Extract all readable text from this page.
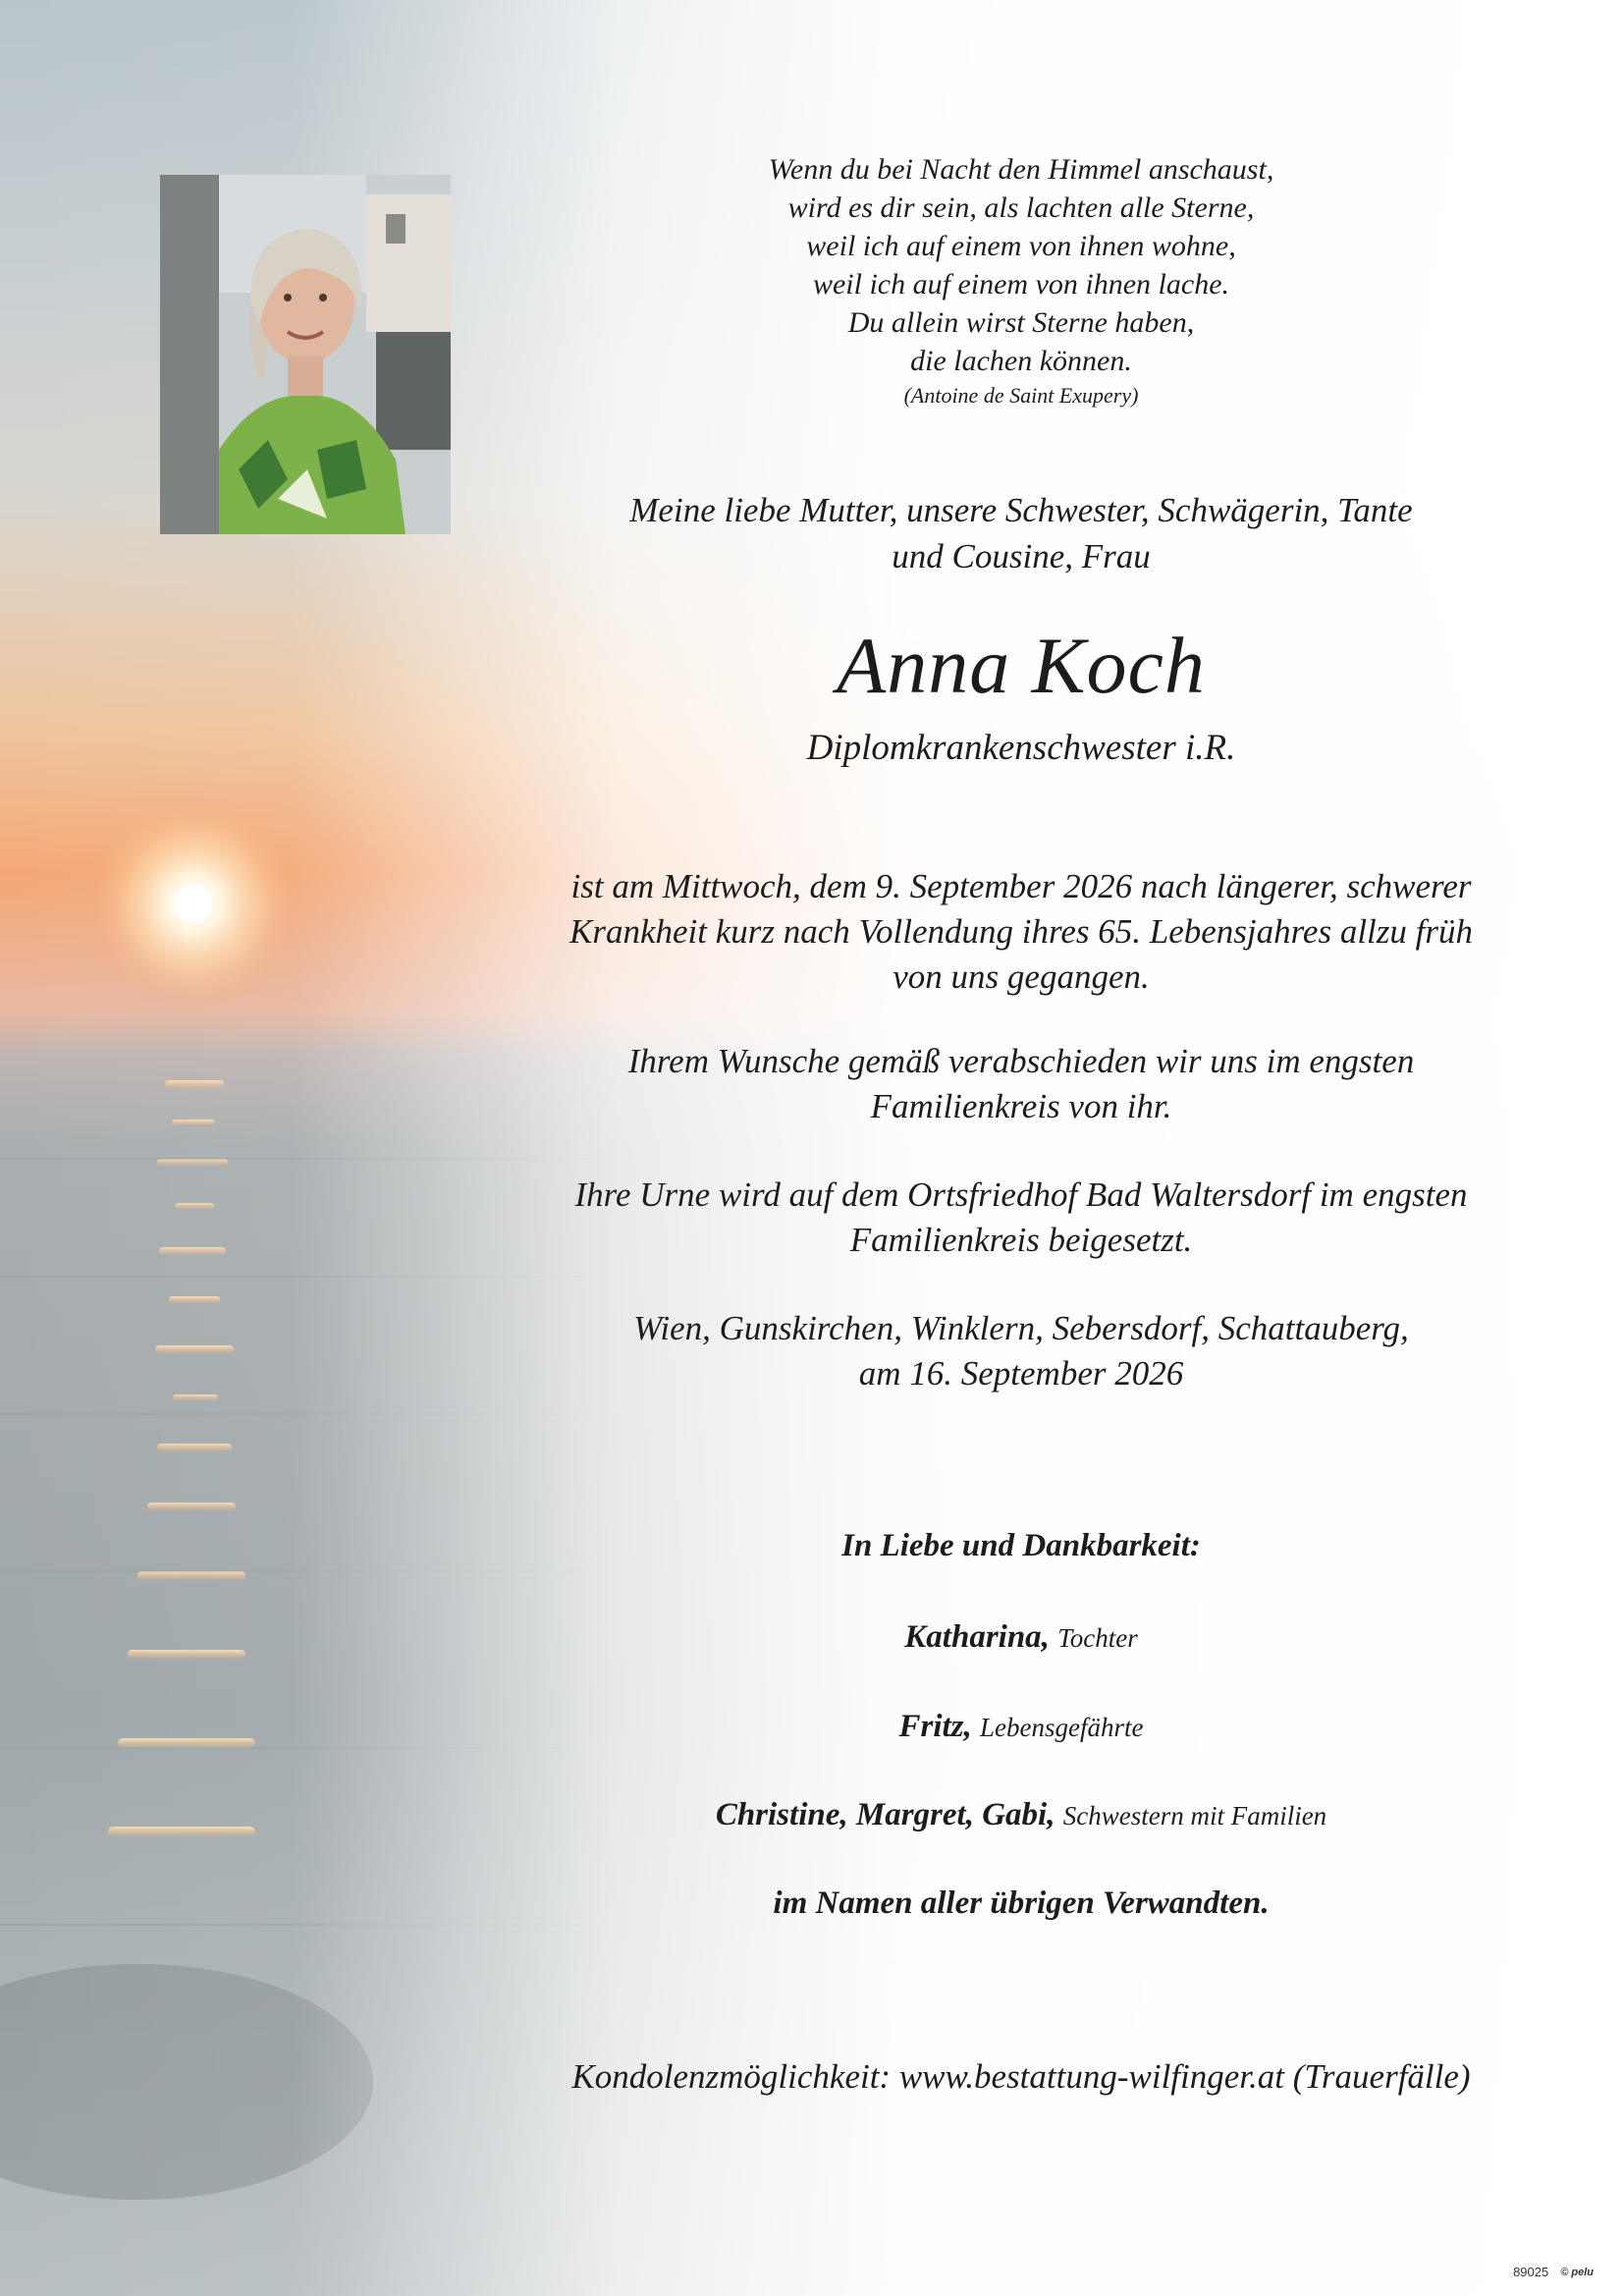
Wenn du bei Nacht den Himmel anschaust,
wird es dir sein, als lachten alle Sterne,
weil ich auf einem von ihnen wohne,
weil ich auf einem von ihnen lache.
Du allein wirst Sterne haben,
die lachen können.
(Antoine de Saint Exupery)
Meine liebe Mutter, unsere Schwester, Schwägerin, Tante
und Cousine, Frau
Anna Koch
Diplomkrankenschwester i.R.
ist am Mittwoch, dem 9. September 2026 nach längerer, schwerer
Krankheit kurz nach Vollendung ihres 65. Lebensjahres allzu früh
von uns gegangen.
Ihrem Wunsche gemäß verabschieden wir uns im engsten
Familienkreis von ihr.
Ihre Urne wird auf dem Ortsfriedhof Bad Waltersdorf im engsten
Familienkreis beigesetzt.
Wien, Gunskirchen, Winklern, Sebersdorf, Schattauberg,
am 16. September 2026
In Liebe und Dankbarkeit:
Katharina, Tochter
Fritz, Lebensgefährte
Christine, Margret, Gabi, Schwestern mit Familien
im Namen aller übrigen Verwandten.
Kondolenzmöglichkeit: www.bestattung-wilfinger.at (Trauerfälle)
89025 © pelu
